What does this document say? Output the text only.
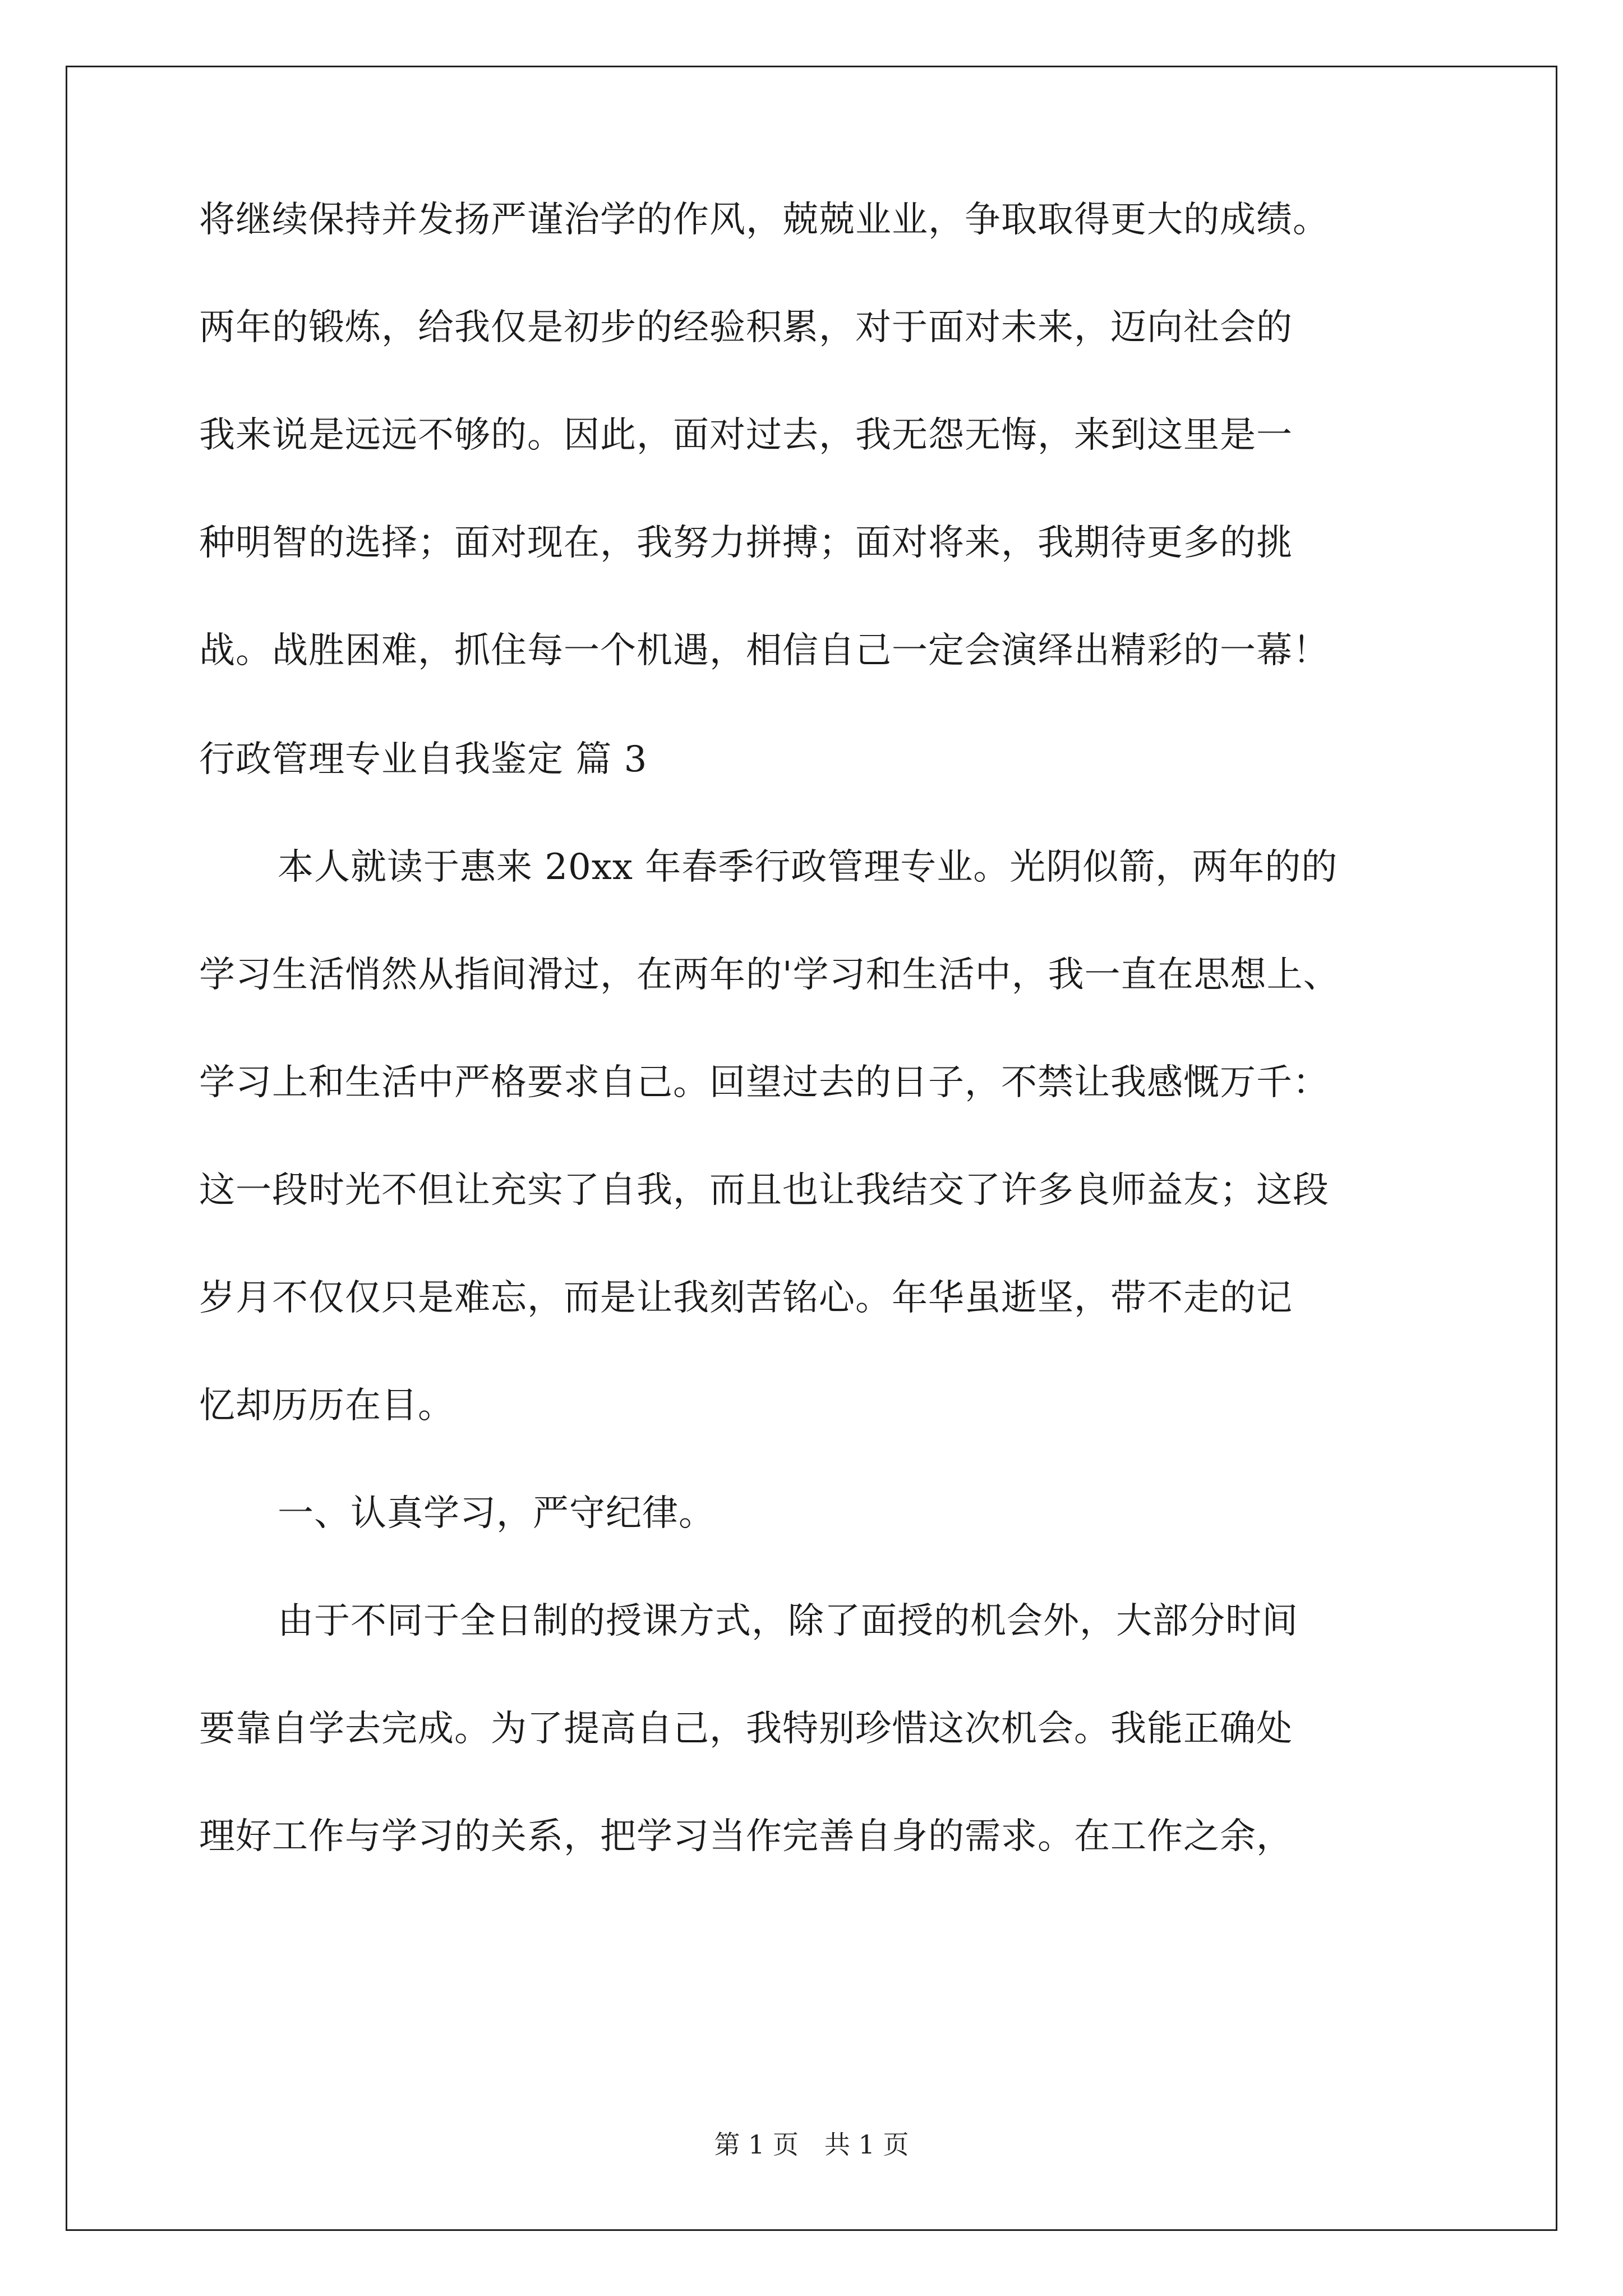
将继续保持并发扬严谨治学的作风，兢兢业业，争取取得更大的成绩。
两年的锻炼，给我仅是初步的经验积累，对于面对未来，迈向社会的
我来说是远远不够的。因此，面对过去，我无怨无悔，来到这里是一
种明智的选择；面对现在，我努力拼搏；面对将来，我期待更多的挑
战。战胜困难，抓住每一个机遇，相信自己一定会演绎出精彩的一幕！
行政管理专业自我鉴定 篇 3
本人就读于惠来 20xx 年春季行政管理专业。光阴似箭，两年的的
学习生活悄然从指间滑过，在两年的'学习和生活中，我一直在思想上、
学习上和生活中严格要求自己。回望过去的日子，不禁让我感慨万千：
这一段时光不但让充实了自我，而且也让我结交了许多良师益友；这段
岁月不仅仅只是难忘，而是让我刻苦铭心。年华虽逝坚，带不走的记
忆却历历在目。
一、认真学习，严守纪律。
由于不同于全日制的授课方式，除了面授的机会外，大部分时间
要靠自学去完成。为了提高自己，我特别珍惜这次机会。我能正确处
理好工作与学习的关系，把学习当作完善自身的需求。在工作之余，
第 1 页　共 1 页
